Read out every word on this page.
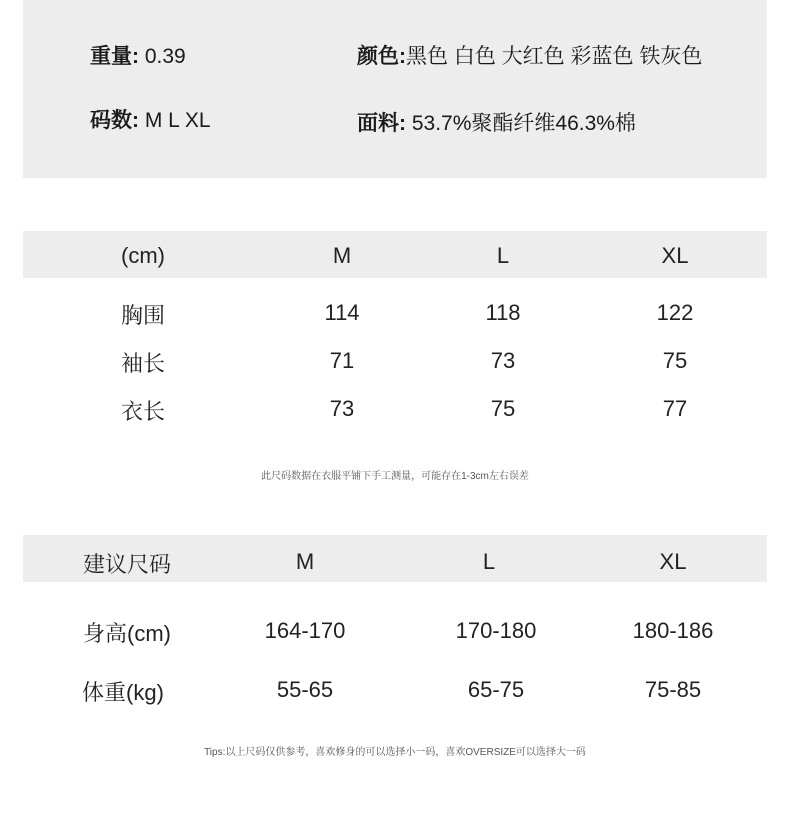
重量: 0.39
码数: M L XL
颜色:黑色 白色 大红色 彩蓝色 铁灰色
面料: 53.7%聚酯纤维46.3%棉
(cm)	M	L	XL
胸围	114	118	122
袖长	71	73	75
衣长	73	75	77
此尺码数据在衣服平铺下手工测量，可能存在1-3cm左右误差
建议尺码	M	L	XL
身高(cm)	164-170	170-180	180-186
体重(kg)	55-65	65-75	75-85
Tips:以上尺码仅供参考，喜欢修身的可以选择小一码，喜欢OVERSIZE可以选择大一码
